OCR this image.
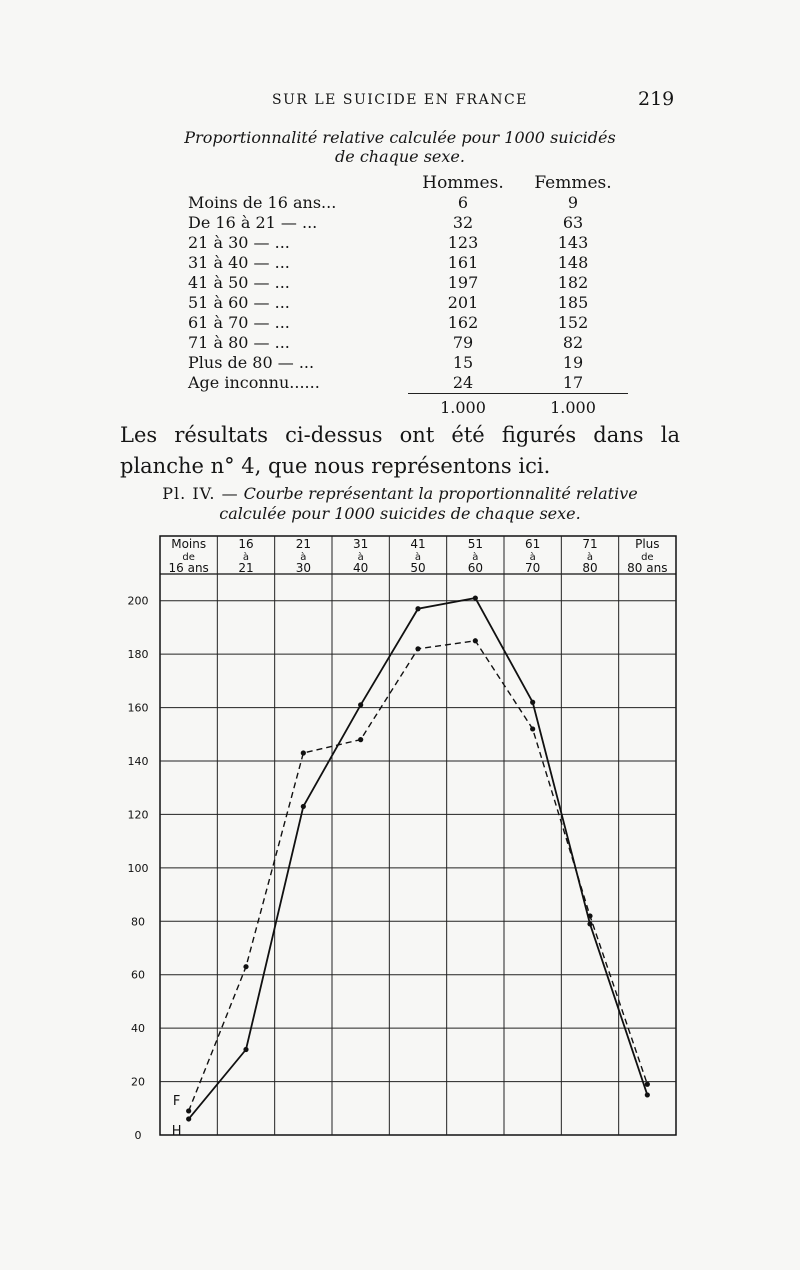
SUR LE SUICIDE EN FRANCE	219
Proportionnalité relative calculée pour 1000 suicidés
de chaque sexe.
	Hommes.	Femmes.
Moins de 16 ans...	6	9
De 16 à 21 — ...	32	63
21 à 30 — ...	123	143
31 à 40 — ...	161	148
41 à 50 — ...	197	182
51 à 60 — ...	201	185
61 à 70 — ...	162	152
71 à 80 — ...	79	82
Plus de 80 — ...	15	19
Age inconnu......	24	17
	1.000	1.000
Les résultats ci-dessus ont été figurés dans la planche n° 4, que nous représentons ici.
Pl. IV. — Courbe représentant la proportionnalité relative
calculée pour 1000 suicides de chaque sexe.
0
20
40
60
80
100
120
140
160
180
200
Moins
de
16 ans
16
à
21
21
à
30
31
à
40
41
à
50
51
à
60
61
à
70
71
à
80
Plus
de
80 ans
H
F
